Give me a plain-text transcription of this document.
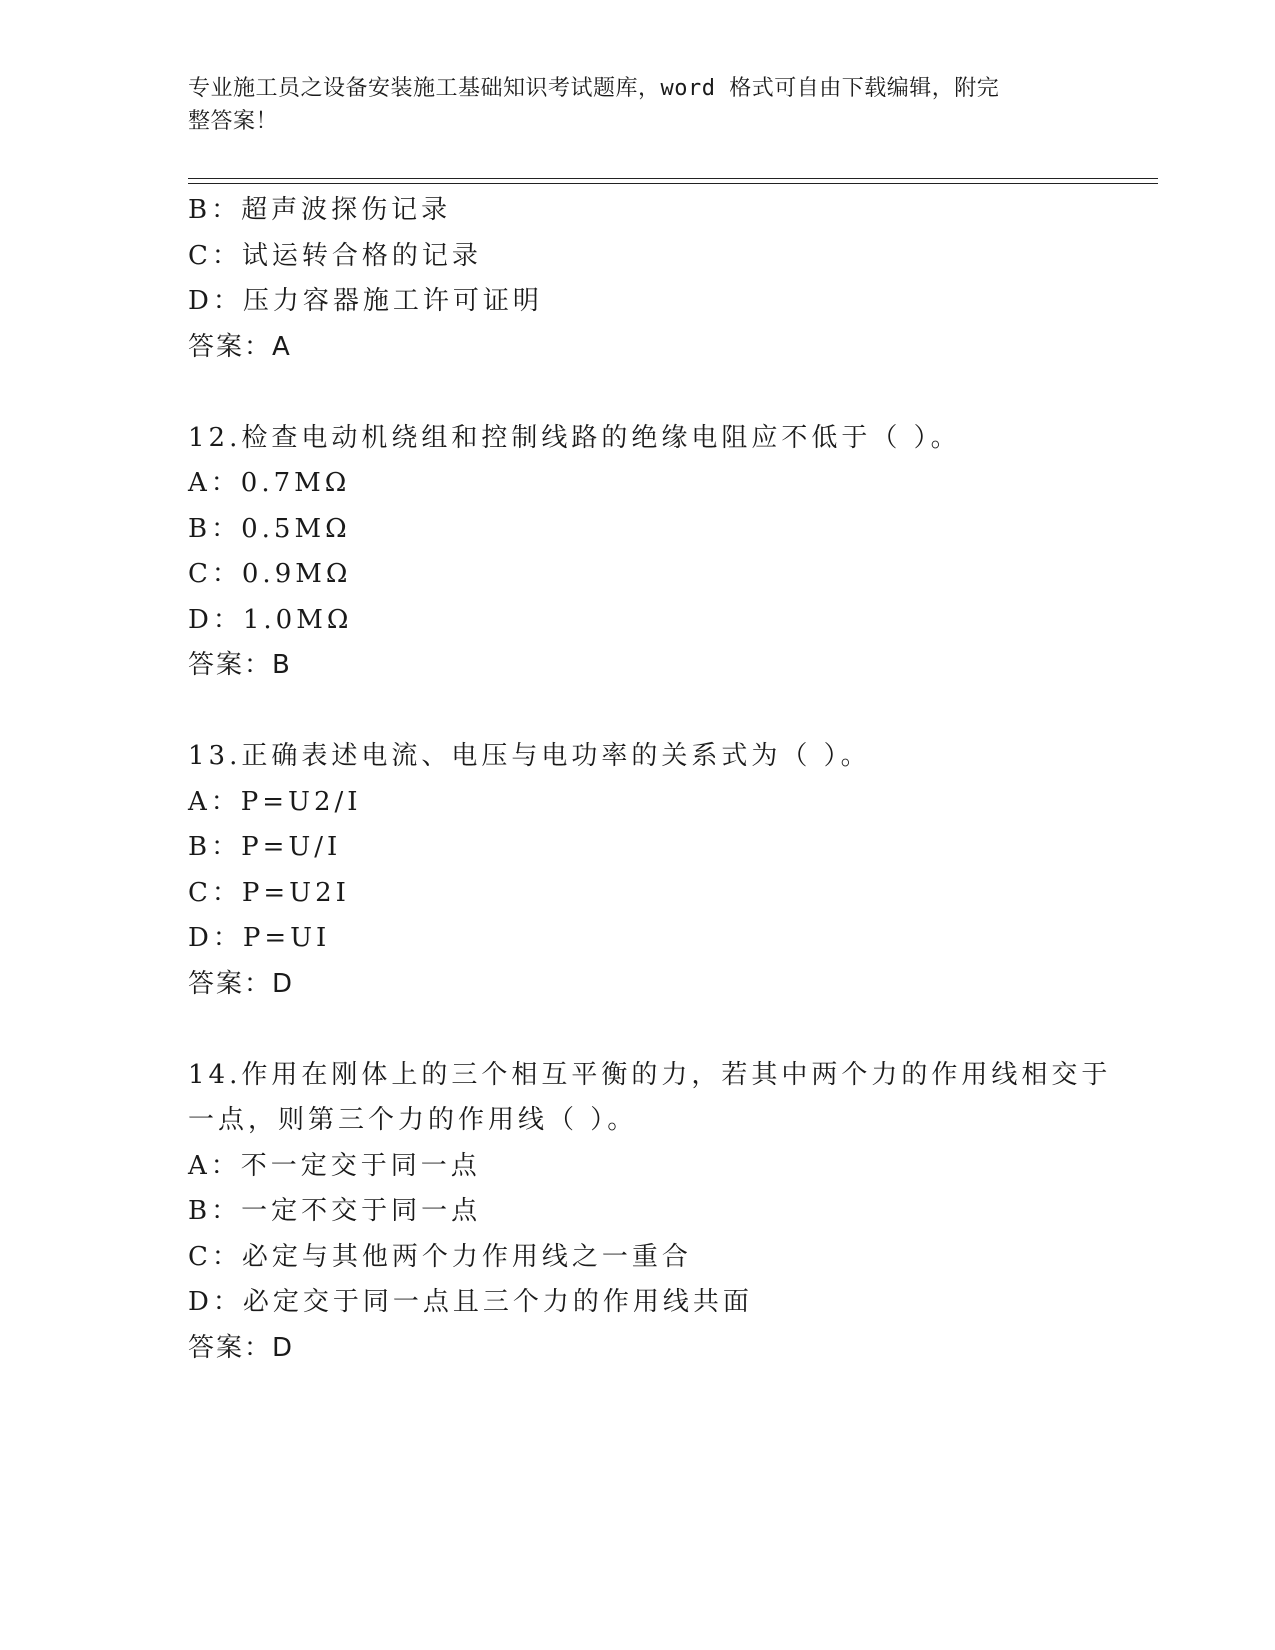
专业施工员之设备安装施工基础知识考试题库，word 格式可自由下载编辑，附完
整答案！
B：超声波探伤记录
C：试运转合格的记录
D：压力容器施工许可证明
答案：A
12.检查电动机绕组和控制线路的绝缘电阻应不低于（ ）。
A：0.7MΩ
B：0.5MΩ
C：0.9MΩ
D：1.0MΩ
答案：B
13.正确表述电流、电压与电功率的关系式为（ ）。
A：P=U2/I
B：P=U/I
C：P=U2I
D：P=UI
答案：D
14.作用在刚体上的三个相互平衡的力，若其中两个力的作用线相交于
一点，则第三个力的作用线（ ）。
A：不一定交于同一点
B：一定不交于同一点
C：必定与其他两个力作用线之一重合
D：必定交于同一点且三个力的作用线共面
答案：D
